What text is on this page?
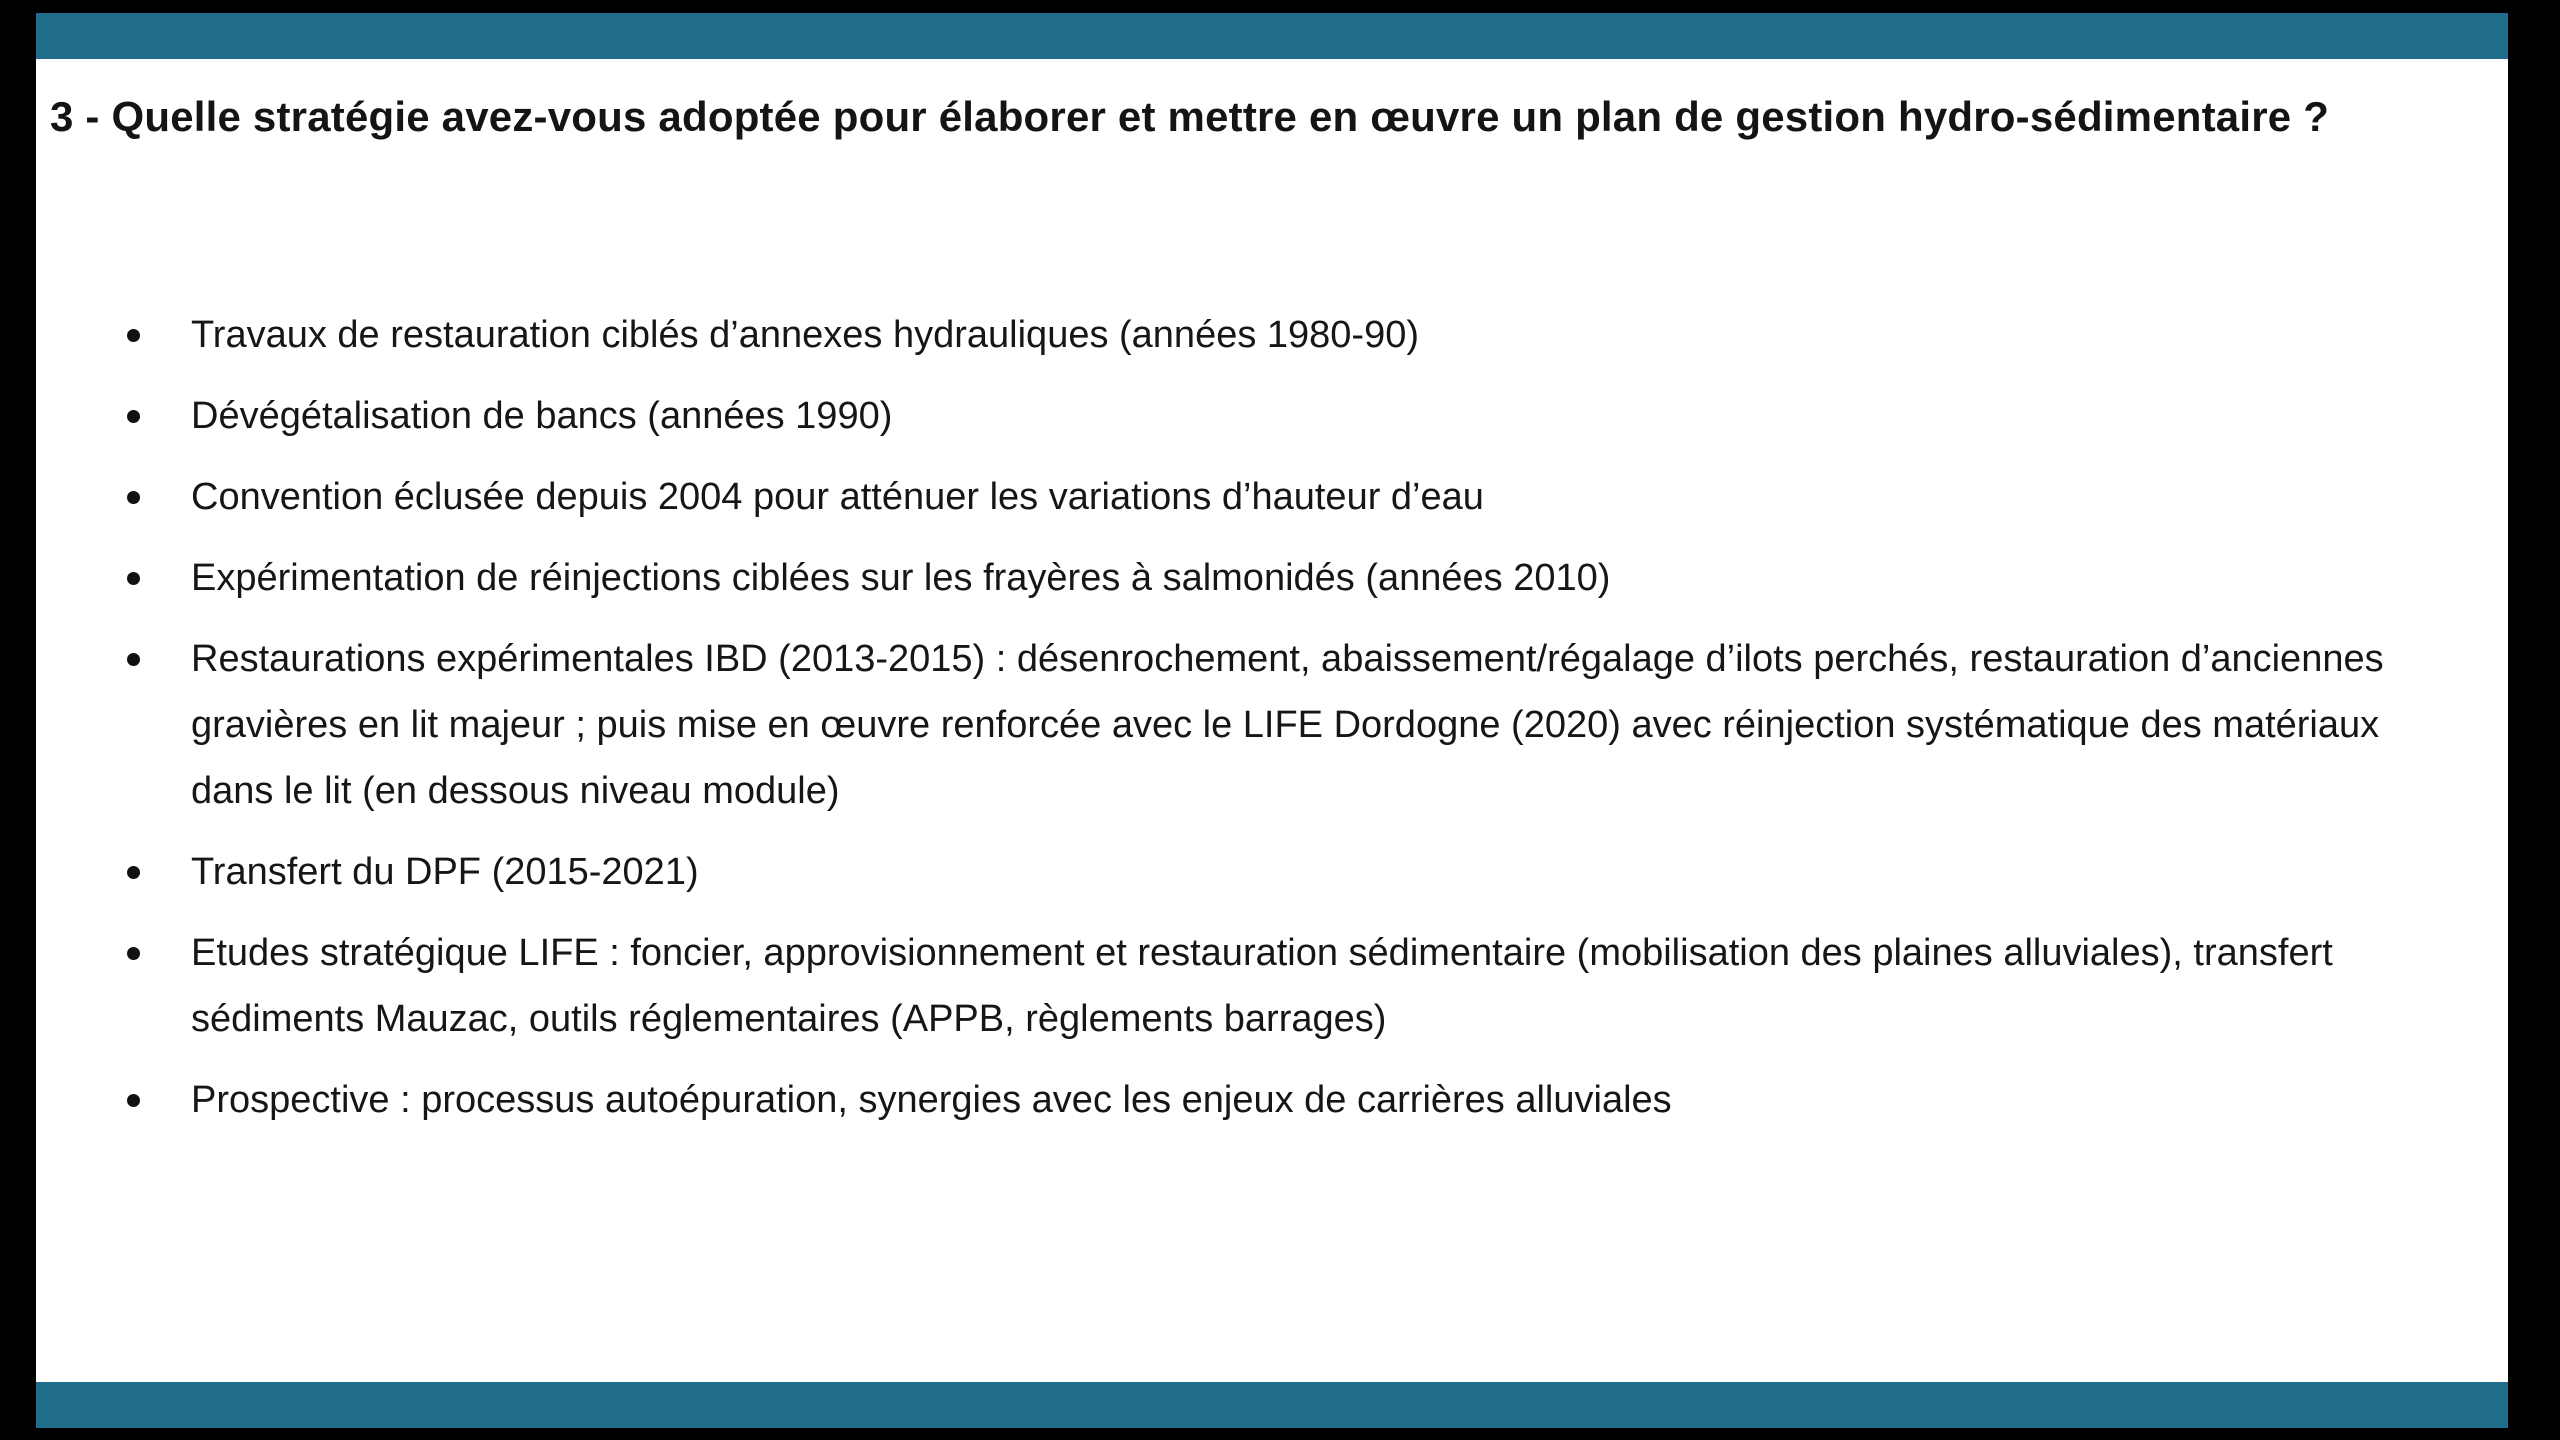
3 - Quelle stratégie avez-vous adoptée pour élaborer et mettre en œuvre un plan de gestion hydro-sédimentaire ?
Travaux de restauration ciblés d’annexes hydrauliques (années 1980-90)
Dévégétalisation de bancs (années 1990)
Convention éclusée depuis 2004 pour atténuer les variations d’hauteur d’eau
Expérimentation de réinjections ciblées sur les frayères à salmonidés (années 2010)
Restaurations expérimentales IBD (2013-2015) : désenrochement, abaissement/régalage d’ilots perchés, restauration d’anciennes gravières en lit majeur ; puis mise en œuvre renforcée avec le LIFE Dordogne (2020) avec réinjection systématique des matériaux dans le lit (en dessous niveau module)
Transfert du DPF (2015-2021)
Etudes stratégique LIFE : foncier, approvisionnement et restauration sédimentaire (mobilisation des plaines alluviales), transfert sédiments Mauzac, outils réglementaires (APPB, règlements barrages)
Prospective : processus autoépuration, synergies avec les enjeux de carrières alluviales
